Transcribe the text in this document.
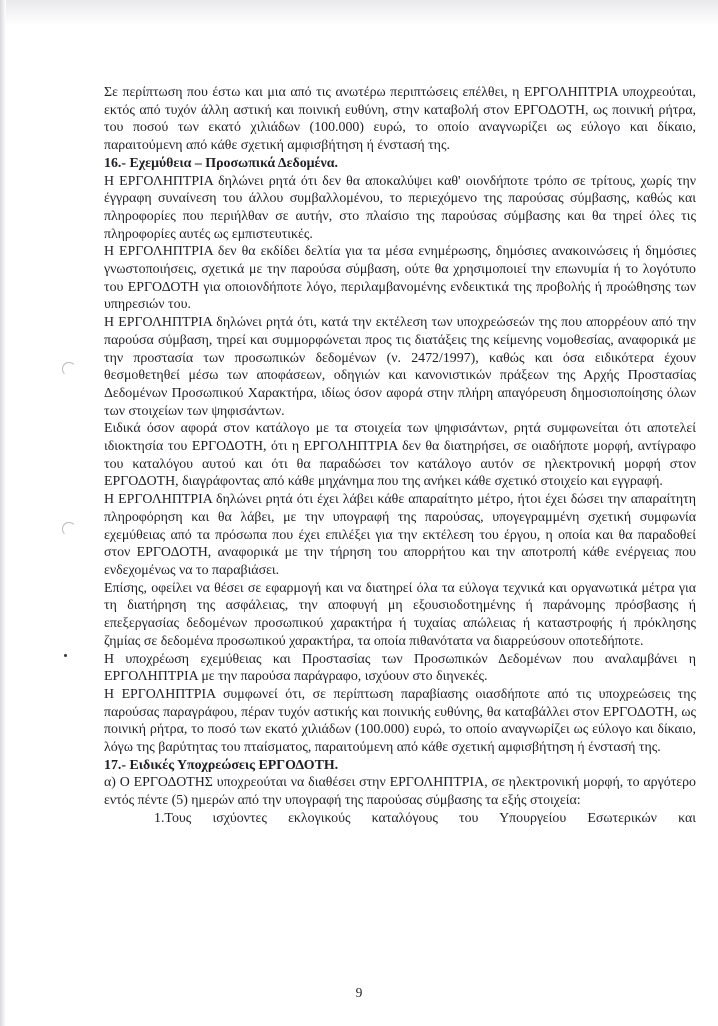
Σε περίπτωση που έστω και μια από τις ανωτέρω περιπτώσεις επέλθει, η ΕΡΓΟΛΗΠΤΡΙΑ υποχρεούται, εκτός από τυχόν άλλη αστική και ποινική ευθύνη, στην καταβολή στον ΕΡΓΟΔΟΤΗ, ως ποινική ρήτρα, του ποσού των εκατό χιλιάδων (100.000) ευρώ, το οποίο αναγνωρίζει ως εύλογο και δίκαιο, παραιτούμενη από κάθε σχετική αμφισβήτηση ή ένστασή της.

16.- Εχεμύθεια – Προσωπικά Δεδομένα.

Η ΕΡΓΟΛΗΠΤΡΙΑ δηλώνει ρητά ότι δεν θα αποκαλύψει καθ' οιονδήποτε τρόπο σε τρίτους, χωρίς την έγγραφη συναίνεση του άλλου συμβαλλομένου, το περιεχόμενο της παρούσας σύμβασης, καθώς και πληροφορίες που περιήλθαν σε αυτήν, στο πλαίσιο της παρούσας σύμβασης και θα τηρεί όλες τις πληροφορίες αυτές ως εμπιστευτικές.

Η ΕΡΓΟΛΗΠΤΡΙΑ δεν θα εκδίδει δελτία για τα μέσα ενημέρωσης, δημόσιες ανακοινώσεις ή δημόσιες γνωστοποιήσεις, σχετικά με την παρούσα σύμβαση, ούτε θα χρησιμοποιεί την επωνυμία ή το λογότυπο του ΕΡΓΟΔΟΤΗ για οποιονδήποτε λόγο, περιλαμβανομένης ενδεικτικά της προβολής ή προώθησης των υπηρεσιών του.

Η ΕΡΓΟΛΗΠΤΡΙΑ δηλώνει ρητά ότι, κατά την εκτέλεση των υποχρεώσεών της που απορρέουν από την παρούσα σύμβαση, τηρεί και συμμορφώνεται προς τις διατάξεις της κείμενης νομοθεσίας, αναφορικά με την προστασία των προσωπικών δεδομένων (ν. 2472/1997), καθώς και όσα ειδικότερα έχουν θεσμοθετηθεί μέσω των αποφάσεων, οδηγιών και κανονιστικών πράξεων της Αρχής Προστασίας Δεδομένων Προσωπικού Χαρακτήρα, ιδίως όσον αφορά στην πλήρη απαγόρευση δημοσιοποίησης όλων των στοιχείων των ψηφισάντων.

Ειδικά όσον αφορά στον κατάλογο με τα στοιχεία των ψηφισάντων, ρητά συμφωνείται ότι αποτελεί ιδιοκτησία του ΕΡΓΟΔΟΤΗ, ότι η ΕΡΓΟΛΗΠΤΡΙΑ δεν θα διατηρήσει, σε οιαδήποτε μορφή, αντίγραφο του καταλόγου αυτού και ότι θα παραδώσει τον κατάλογο αυτόν σε ηλεκτρονική μορφή στον ΕΡΓΟΔΟΤΗ, διαγράφοντας από κάθε μηχάνημα που της ανήκει κάθε σχετικό στοιχείο και εγγραφή.

Η ΕΡΓΟΛΗΠΤΡΙΑ δηλώνει ρητά ότι έχει λάβει κάθε απαραίτητο μέτρο, ήτοι έχει δώσει την απαραίτητη πληροφόρηση και θα λάβει, με την υπογραφή της παρούσας, υπογεγραμμένη σχετική συμφωνία εχεμύθειας από τα πρόσωπα που έχει επιλέξει για την εκτέλεση του έργου, η οποία και θα παραδοθεί στον ΕΡΓΟΔΟΤΗ, αναφορικά με την τήρηση του απορρήτου και την αποτροπή κάθε ενέργειας που ενδεχομένως να το παραβιάσει.

Επίσης, οφείλει να θέσει σε εφαρμογή και να διατηρεί όλα τα εύλογα τεχνικά και οργανωτικά μέτρα για τη διατήρηση της ασφάλειας, την αποφυγή μη εξουσιοδοτημένης ή παράνομης πρόσβασης ή επεξεργασίας δεδομένων προσωπικού χαρακτήρα ή τυχαίας απώλειας ή καταστροφής ή πρόκλησης ζημίας σε δεδομένα προσωπικού χαρακτήρα, τα οποία πιθανότατα να διαρρεύσουν οποτεδήποτε.

Η υποχρέωση εχεμύθειας και Προστασίας των Προσωπικών Δεδομένων που αναλαμβάνει η ΕΡΓΟΛΗΠΤΡΙΑ με την παρούσα παράγραφο, ισχύουν στο διηνεκές.

Η ΕΡΓΟΛΗΠΤΡΙΑ συμφωνεί ότι, σε περίπτωση παραβίασης οιασδήποτε από τις υποχρεώσεις της παρούσας παραγράφου, πέραν τυχόν αστικής και ποινικής ευθύνης, θα καταβάλλει στον ΕΡΓΟΔΟΤΗ, ως ποινική ρήτρα, το ποσό των εκατό χιλιάδων (100.000) ευρώ, το οποίο αναγνωρίζει ως εύλογο και δίκαιο, λόγω της βαρύτητας του πταίσματος, παραιτούμενη από κάθε σχετική αμφισβήτηση ή ένστασή της.

17.- Ειδικές Υποχρεώσεις ΕΡΓΟΔΟΤΗ.

α) Ο ΕΡΓΟΔΟΤΗΣ υποχρεούται να διαθέσει στην ΕΡΓΟΛΗΠΤΡΙΑ, σε ηλεκτρονική μορφή, το αργότερο εντός πέντε (5) ημερών από την υπογραφή της παρούσας σύμβασης τα εξής στοιχεία:

1.Τους ισχύοντες εκλογικούς καταλόγους του Υπουργείου Εσωτερικών και

9
